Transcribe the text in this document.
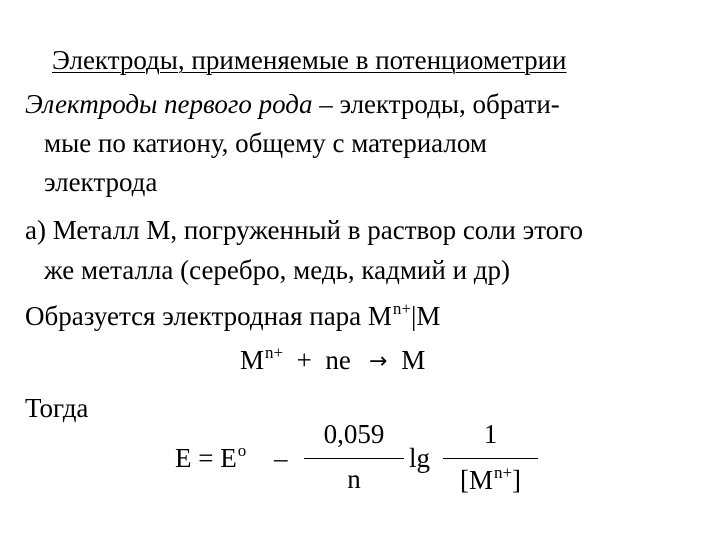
Электроды, применяемые в потенциометрии
Электроды первого рода – электроды, обрати-
мые по катиону, общему с материалом
электрода
а) Металл М, погруженный в раствор соли этого
же металла (серебро, медь, кадмий и др)
Образуется электродная пара $М^{n+}|М$
$M^{n+}$  +  ne → M
Тогда
$E = E^o$ –
0,059
n
lg
1
$[M^{n+}]$
